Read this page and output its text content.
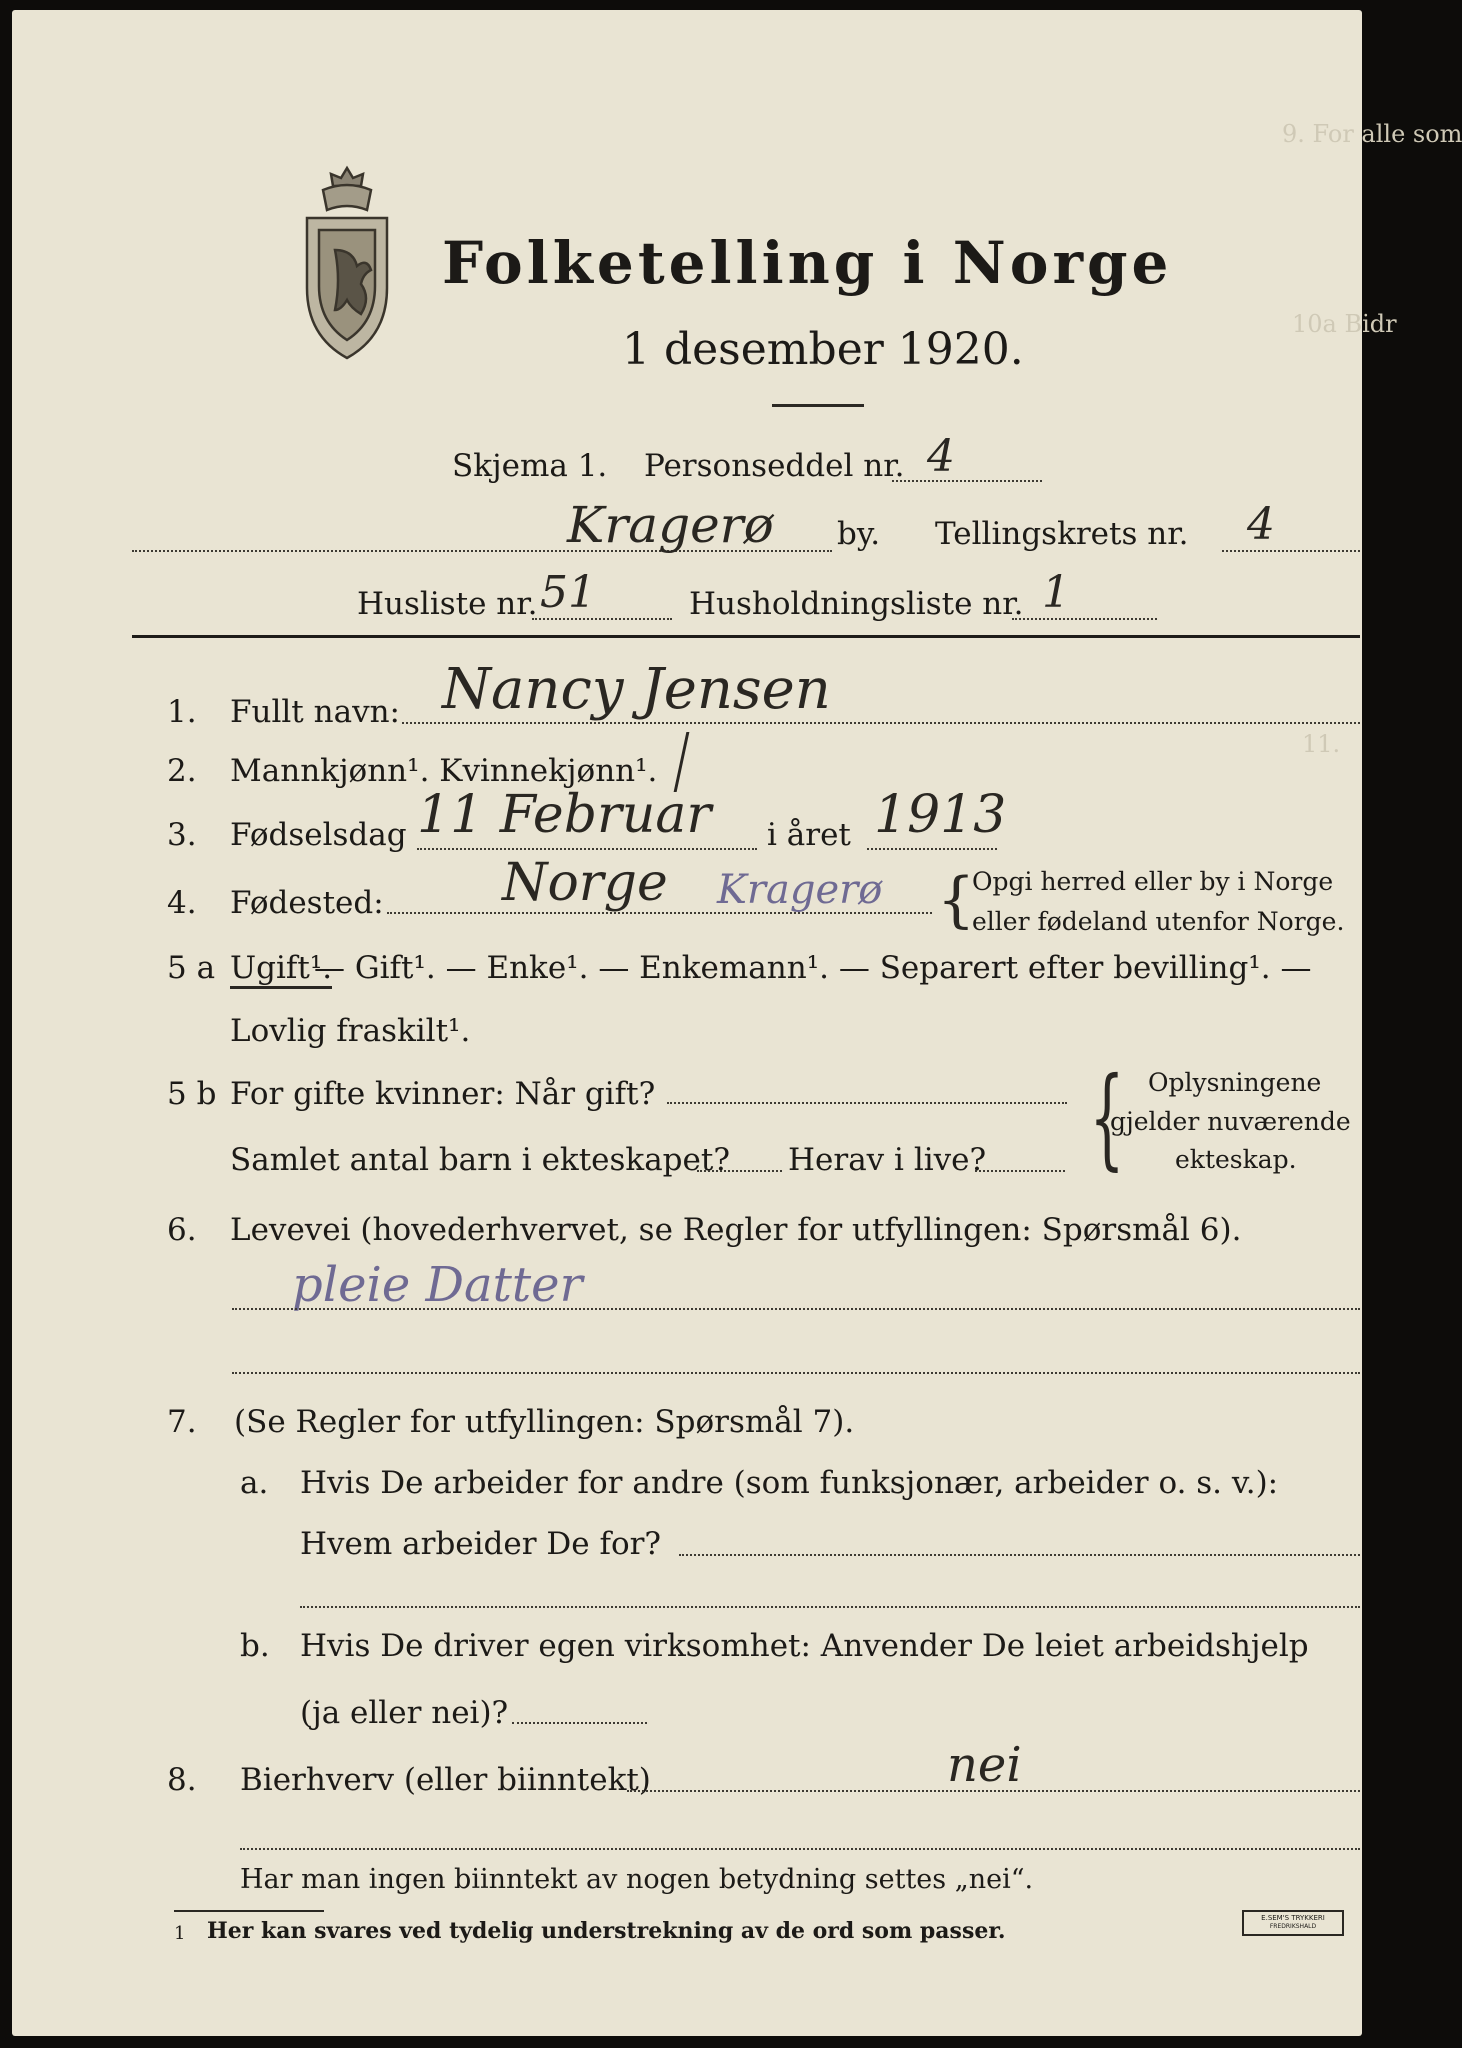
9. For alle som
10a Bidr
11.
Folketelling i Norge
1 desember 1920.
Skjema 1. Personseddel nr. 4
Kragerø by. Tellingskrets nr. 4
Husliste nr. 51	Husholdningsliste nr. 1
1. Fullt navn: Nancy Jensen
2. Mannkjønn¹. Kvinnekjønn¹.
3. Fødselsdag 11 Februar i året 1913
4. Fødested: Norge Kragerø {
Opgi herred eller by i Norge
eller fødeland utenfor Norge.
5 a Ugift¹.
— Gift¹. — Enke¹. — Enkemann¹. — Separert efter bevilling¹. —
Lovlig fraskilt¹.
5 b For gifte kvinner: Når gift?
Samlet antal barn i ekteskapet? Herav i live? { Oplysningene
gjelder nuværende
ekteskap.
6. Levevei (hovederhvervet, se Regler for utfyllingen: Spørsmål 6).
pleie Datter
7. (Se Regler for utfyllingen: Spørsmål 7).
a. Hvis De arbeider for andre (som funksjonær, arbeider o. s. v.):
Hvem arbeider De for?
b. Hvis De driver egen virksomhet: Anvender De leiet arbeidshjelp
(ja eller nei)?
8. Bierhverv (eller biinntekt)	nei
Har man ingen biinntekt av nogen betydning settes „nei“.
1 Her kan svares ved tydelig understrekning av de ord som passer.	E.SEM'S TRYKKERI
FREDRIKSHALD
